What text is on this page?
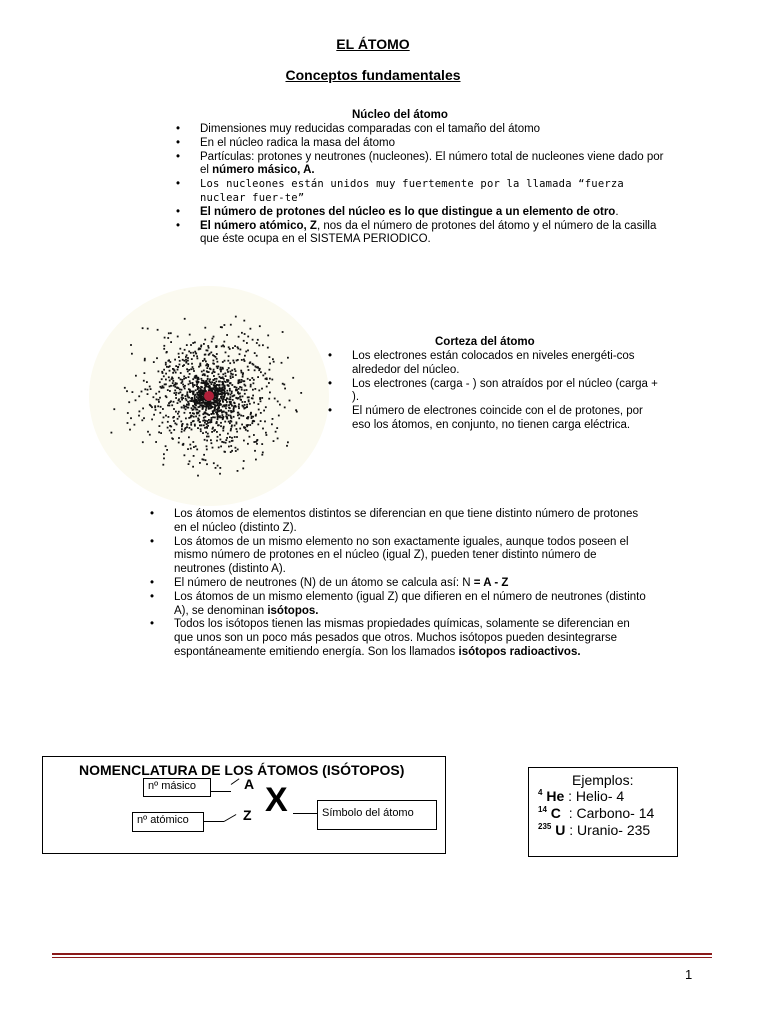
EL ÁTOMO
Conceptos fundamentales
Núcleo del átomo
• Dimensiones muy reducidas comparadas con el tamaño del átomo
• En el núcleo radica la masa del átomo
• Partículas: protones y neutrones (nucleones). El número total de nucleones viene dado por el número másico, A.
• Los nucleones están unidos muy fuertemente por la llamada “fuerza nuclear fuer-te”
• El número de protones del núcleo es lo que distingue a un elemento de otro.
• El número atómico, Z, nos da el número de protones del átomo y el número de la casilla que éste ocupa en el SISTEMA PERIODICO.
Corteza del átomo
• Los electrones están colocados en niveles energéti-cos alrededor del núcleo.
• Los electrones (carga - ) son atraídos por el núcleo (carga + ).
• El número de electrones coincide con el de protones, por eso los átomos, en conjunto, no tienen carga eléctrica.
• Los átomos de elementos distintos se diferencian en que tiene distinto número de protones en el núcleo (distinto Z).
• Los átomos de un mismo elemento no son exactamente iguales, aunque todos poseen el mismo número de protones en el núcleo (igual Z), pueden tener distinto número de neutrones (distinto A).
• El número de neutrones (N) de un átomo se calcula así: N = A - Z
• Los átomos de un mismo elemento (igual Z) que difieren en el número de neutrones (distinto A), se denominan isótopos.
• Todos los isótopos tienen las mismas propiedades químicas, solamente se diferencian en que unos son un poco más pesados que otros. Muchos isótopos pueden desintegrarse espontáneamente emitiendo energía. Son los llamados isótopos radioactivos.
NOMENCLATURA DE LOS ÁTOMOS (ISÓTOPOS)
nº másico	A
nº atómico	Z X	Símbolo del átomo
Ejemplos:
$^4$ He : Helio- 4
$^{14}$ C  : Carbono- 14
$^{235}$ U : Uranio- 235
1
